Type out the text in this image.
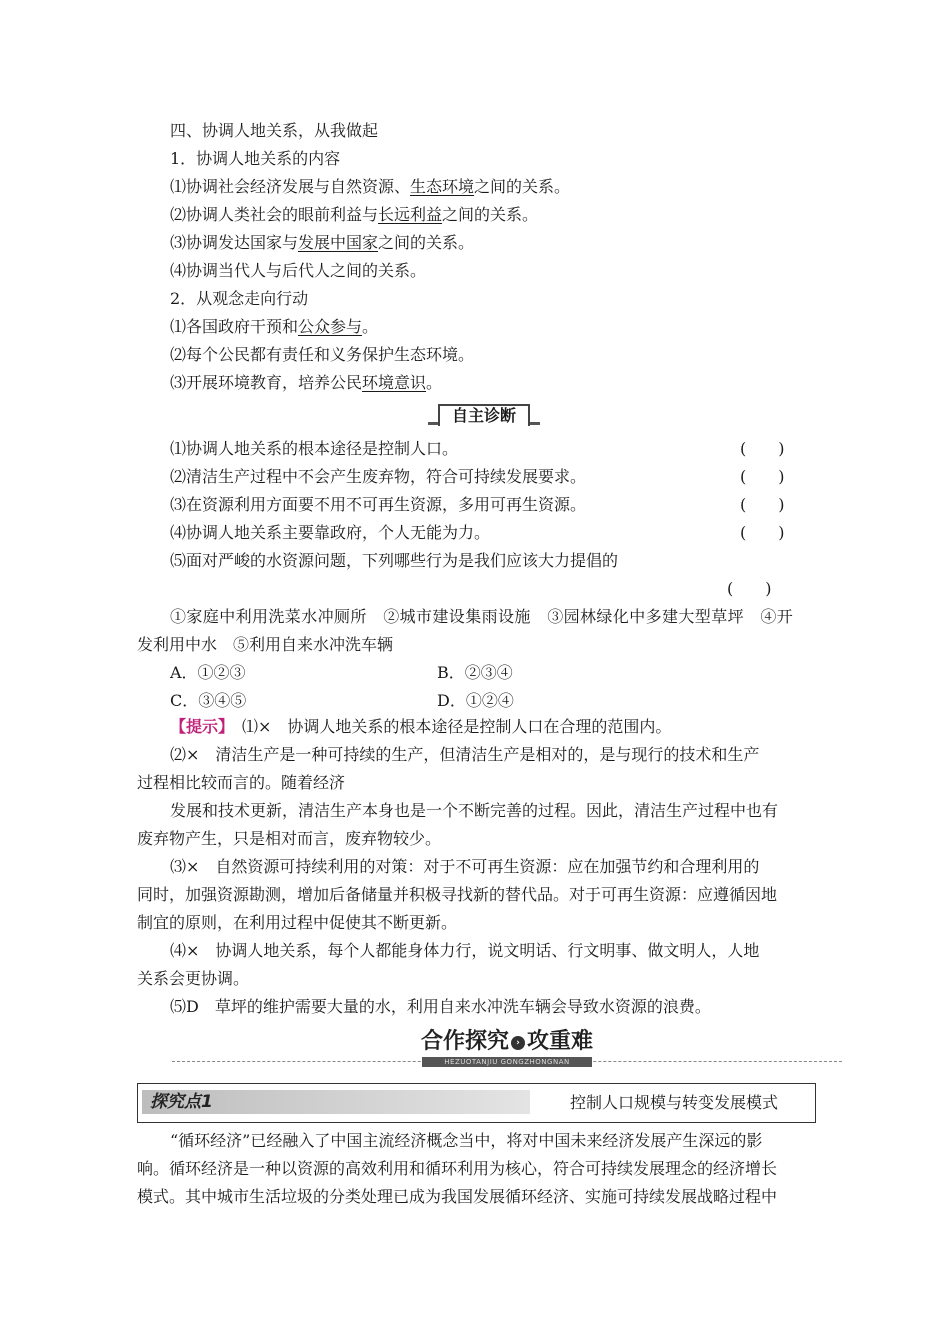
四、协调人地关系，从我做起
1．协调人地关系的内容
⑴协调社会经济发展与自然资源、生态环境之间的关系。
⑵协调人类社会的眼前利益与长远利益之间的关系。
⑶协调发达国家与发展中国家之间的关系。
⑷协调当代人与后代人之间的关系。
2．从观念走向行动
⑴各国政府干预和公众参与。
⑵每个公民都有责任和义务保护生态环境。
⑶开展环境教育，培养公民环境意识。
自主诊断
⑴协调人地关系的根本途径是控制人口。	(　　)
⑵清洁生产过程中不会产生废弃物，符合可持续发展要求。	(　　)
⑶在资源利用方面要不用不可再生资源，多用可再生资源。	(　　)
⑷协调人地关系主要靠政府，个人无能为力。	(　　)
⑸面对严峻的水资源问题，下列哪些行为是我们应该大力提倡的
(　　)
①家庭中利用洗菜水冲厕所　②城市建设集雨设施　③园林绿化中多建大型草坪　④开
发利用中水　⑤利用自来水冲洗车辆
A．①②③	B．②③④
C．③④⑤	D．①②④
【提示】　⑴×　协调人地关系的根本途径是控制人口在合理的范围内。
⑵×　清洁生产是一种可持续的生产，但清洁生产是相对的，是与现行的技术和生产
过程相比较而言的。随着经济
发展和技术更新，清洁生产本身也是一个不断完善的过程。因此，清洁生产过程中也有
废弃物产生，只是相对而言，废弃物较少。
⑶×　自然资源可持续利用的对策：对于不可再生资源：应在加强节约和合理利用的
同时，加强资源勘测，增加后备储量并积极寻找新的替代品。对于可再生资源：应遵循因地
制宜的原则，在利用过程中促使其不断更新。
⑷×　协调人地关系，每个人都能身体力行，说文明话、行文明事、做文明人，人地
关系会更协调。
⑸D　草坪的维护需要大量的水，利用自来水冲洗车辆会导致水资源的浪费。
合作探究 › 攻重难
HEZUOTANJIU GONGZHONGNAN
探究点1	控制人口规模与转变发展模式
“循环经济”已经融入了中国主流经济概念当中，将对中国未来经济发展产生深远的影
响。循环经济是一种以资源的高效利用和循环利用为核心，符合可持续发展理念的经济增长
模式。其中城市生活垃圾的分类处理已成为我国发展循环经济、实施可持续发展战略过程中
